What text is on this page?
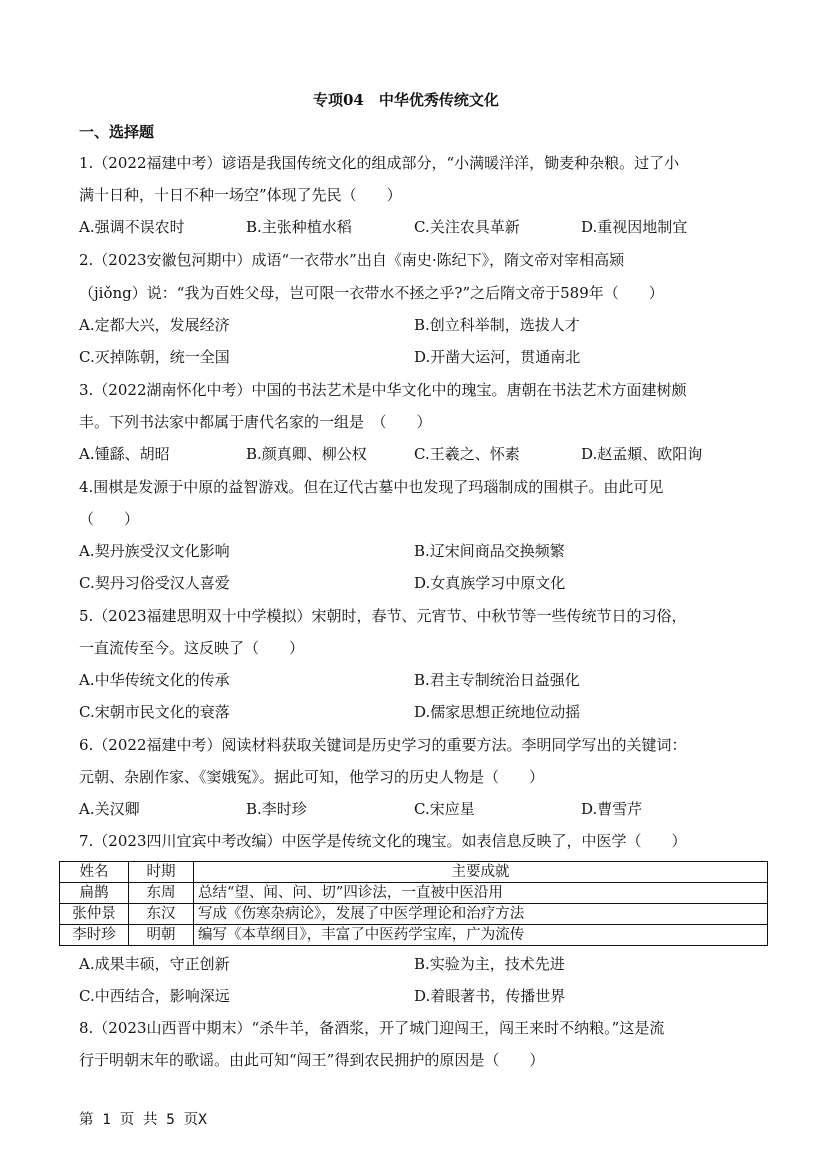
专项04　中华优秀传统文化
一、选择题
1.（2022福建中考）谚语是我国传统文化的组成部分，“小满暖洋洋，锄麦种杂粮。过了小
满十日种，十日不种一场空”体现了先民（　　）
A.强调不误农时	B.主张种植水稻	C.关注农具革新	D.重视因地制宜
2.（2023安徽包河期中）成语“一衣带水”出自《南史·陈纪下》，隋文帝对宰相高颎
（jiǒng）说：“我为百姓父母，岂可限一衣带水不拯之乎?”之后隋文帝于589年（　　）
A.定都大兴，发展经济	B.创立科举制，选拔人才
C.灭掉陈朝，统一全国	D.开凿大运河，贯通南北
3.（2022湖南怀化中考）中国的书法艺术是中华文化中的瑰宝。唐朝在书法艺术方面建树颇
丰。下列书法家中都属于唐代名家的一组是　（　　）
A.锺繇、胡昭	B.颜真卿、柳公权	C.王羲之、怀素	D.赵孟頫、欧阳询
4.围棋是发源于中原的益智游戏。但在辽代古墓中也发现了玛瑙制成的围棋子。由此可见
（　　）
A.契丹族受汉文化影响	B.辽宋间商品交换频繁
C.契丹习俗受汉人喜爱	D.女真族学习中原文化
5.（2023福建思明双十中学模拟）宋朝时，春节、元宵节、中秋节等一些传统节日的习俗，
一直流传至今。这反映了（　　）
A.中华传统文化的传承	B.君主专制统治日益强化
C.宋朝市民文化的衰落	D.儒家思想正统地位动摇
6.（2022福建中考）阅读材料获取关键词是历史学习的重要方法。李明同学写出的关键词：
元朝、杂剧作家、《窦娥冤》。据此可知，他学习的历史人物是（　　）
A.关汉卿	B.李时珍	C.宋应星	D.曹雪芹
7.（2023四川宜宾中考改编）中医学是传统文化的瑰宝。如表信息反映了，中医学（　　）
姓名	时期	主要成就
扁鹊	东周	总结“望、闻、问、切”四诊法，一直被中医沿用
张仲景	东汉	写成《伤寒杂病论》，发展了中医学理论和治疗方法
李时珍	明朝	编写《本草纲目》，丰富了中医药学宝库，广为流传
A.成果丰硕，守正创新	B.实验为主，技术先进
C.中西结合，影响深远	D.着眼著书，传播世界
8.（2023山西晋中期末）“杀牛羊，备酒浆，开了城门迎闯王，闯王来时不纳粮。”这是流
行于明朝末年的歌谣。由此可知“闯王”得到农民拥护的原因是（　　）
第 1 页 共 5 页X
